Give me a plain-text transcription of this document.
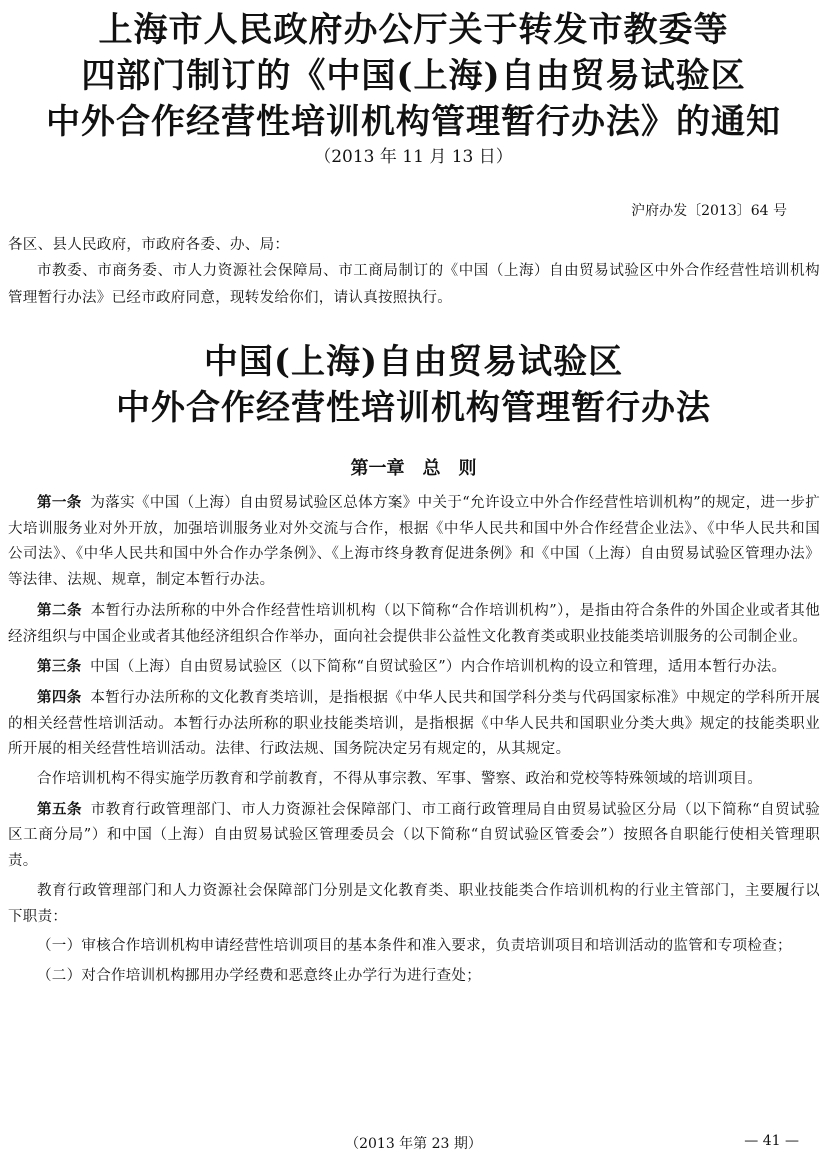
上海市人民政府办公厅关于转发市教委等
四部门制订的《中国(上海)自由贸易试验区
中外合作经营性培训机构管理暂行办法》的通知
（2013 年 11 月 13 日）
沪府办发〔2013〕64 号
各区、县人民政府，市政府各委、办、局：
市教委、市商务委、市人力资源社会保障局、市工商局制订的《中国（上海）自由贸易试验区中外合作经营性培训机构管理暂行办法》已经市政府同意，现转发给你们，请认真按照执行。
中国(上海)自由贸易试验区
中外合作经营性培训机构管理暂行办法
第一章　总　则

第一条 为落实《中国（上海）自由贸易试验区总体方案》中关于“允许设立中外合作经营性培训机构”的规定，进一步扩大培训服务业对外开放，加强培训服务业对外交流与合作，根据《中华人民共和国中外合作经营企业法》、《中华人民共和国公司法》、《中华人民共和国中外合作办学条例》、《上海市终身教育促进条例》和《中国（上海）自由贸易试验区管理办法》等法律、法规、规章，制定本暂行办法。

第二条 本暂行办法所称的中外合作经营性培训机构（以下简称“合作培训机构”），是指由符合条件的外国企业或者其他经济组织与中国企业或者其他经济组织合作举办，面向社会提供非公益性文化教育类或职业技能类培训服务的公司制企业。

第三条 中国（上海）自由贸易试验区（以下简称“自贸试验区”）内合作培训机构的设立和管理，适用本暂行办法。

第四条 本暂行办法所称的文化教育类培训，是指根据《中华人民共和国学科分类与代码国家标准》中规定的学科所开展的相关经营性培训活动。本暂行办法所称的职业技能类培训，是指根据《中华人民共和国职业分类大典》规定的技能类职业所开展的相关经营性培训活动。法律、行政法规、国务院决定另有规定的，从其规定。

合作培训机构不得实施学历教育和学前教育，不得从事宗教、军事、警察、政治和党校等特殊领域的培训项目。

第五条 市教育行政管理部门、市人力资源社会保障部门、市工商行政管理局自由贸易试验区分局（以下简称“自贸试验区工商分局”）和中国（上海）自由贸易试验区管理委员会（以下简称“自贸试验区管委会”）按照各自职能行使相关管理职责。

教育行政管理部门和人力资源社会保障部门分别是文化教育类、职业技能类合作培训机构的行业主管部门，主要履行以下职责：

（一）审核合作培训机构申请经营性培训项目的基本条件和准入要求，负责培训项目和培训活动的监管和专项检查；

（二）对合作培训机构挪用办学经费和恶意终止办学行为进行查处；

（2013 年第 23 期）	— 41 —
